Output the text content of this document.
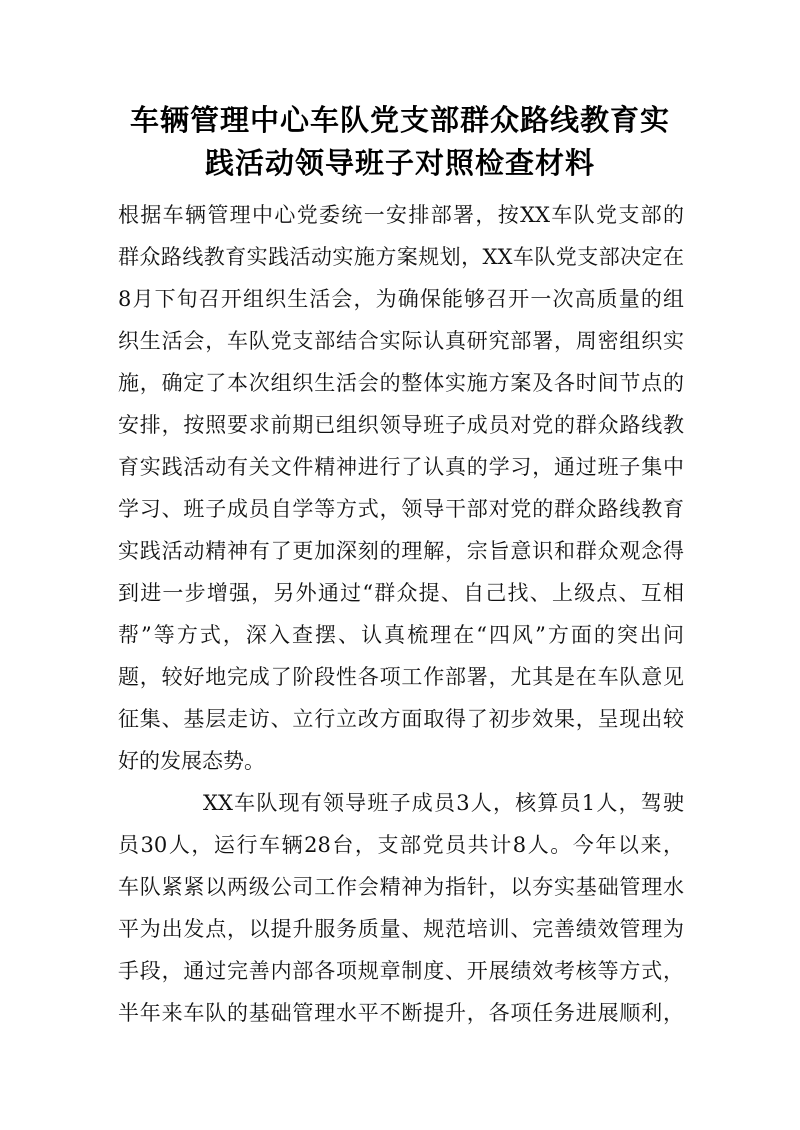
车辆管理中心车队党支部群众路线教育实
践活动领导班子对照检查材料
根据车辆管理中心党委统一安排部署，按XX车队党支部的
群众路线教育实践活动实施方案规划，XX车队党支部决定在
8月下旬召开组织生活会，为确保能够召开一次高质量的组
织生活会，车队党支部结合实际认真研究部署，周密组织实
施，确定了本次组织生活会的整体实施方案及各时间节点的
安排，按照要求前期已组织领导班子成员对党的群众路线教
育实践活动有关文件精神进行了认真的学习，通过班子集中
学习、班子成员自学等方式，领导干部对党的群众路线教育
实践活动精神有了更加深刻的理解，宗旨意识和群众观念得
到进一步增强，另外通过“群众提、自己找、上级点、互相
帮”等方式，深入查摆、认真梳理在“四风”方面的突出问
题，较好地完成了阶段性各项工作部署，尤其是在车队意见
征集、基层走访、立行立改方面取得了初步效果，呈现出较
好的发展态势。
XX车队现有领导班子成员3人，核算员1人，驾驶
员30人，运行车辆28台，支部党员共计8人。今年以来，
车队紧紧以两级公司工作会精神为指针，以夯实基础管理水
平为出发点，以提升服务质量、规范培训、完善绩效管理为
手段，通过完善内部各项规章制度、开展绩效考核等方式，
半年来车队的基础管理水平不断提升，各项任务进展顺利，
